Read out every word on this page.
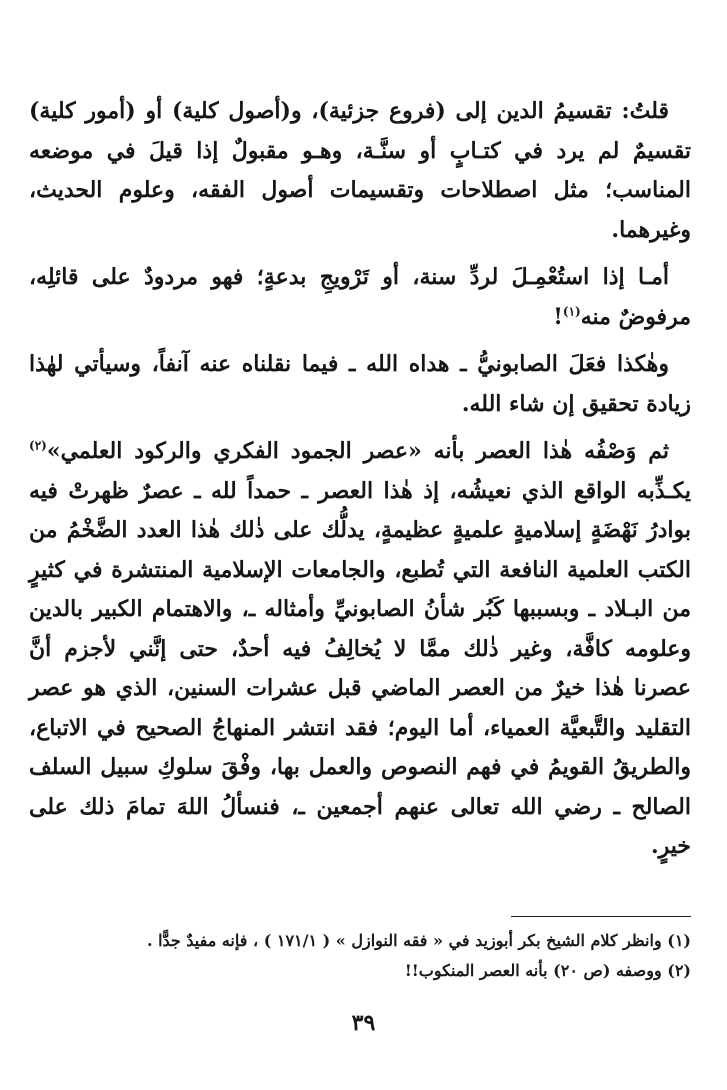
قلتُ: تقسيمُ الدين إلى (فروع جزئية)، و(أصول كلية) أو (أمور كلية) تقسيمٌ لم يرد في كتـابٍ أو سنَّـة، وهـو مقبولٌ إذا قيلَ في موضعه المناسب؛ مثل اصطلاحات وتقسيمات أصول الفقه، وعلوم الحديث، وغيرهما.

أمـا إذا استُعْمِـلَ لردِّ سنة، أو تَرْويجِ بدعةٍ؛ فهو مردودٌ على قائلِه، مرفوضٌ منه$^{(١)}$!

وهٰكذا فعَلَ الصابونيُّ ـ هداه الله ـ فيما نقلناه عنه آنفاً، وسيأتي لهٰذا زيادة تحقيق إن شاء الله.

ثم وَصْفُه هٰذا العصر بأنه «عصر الجمود الفكري والركود العلمي»$^{(٢)}$ يكـذِّبه الواقع الذي نعيشُه، إذ هٰذا العصر ـ حمداً لله ـ عصرٌ ظهرتْ فيه بوادرُ نَهْضَةٍ إسلاميةٍ علميةٍ عظيمةٍ، يدلُّك على ذٰلك هٰذا العدد الضَّخْمُ من الكتب العلمية النافعة التي تُطبع، والجامعات الإسلامية المنتشرة في كثيرٍ من البـلاد ـ وبسببها كَبُر شأنُ الصابونيِّ وأمثاله ـ، والاهتمام الكبير بالدين وعلومه كافَّة، وغير ذٰلك ممَّا لا يُخالِفُ فيه أحدٌ، حتى إنَّني لأجزم أنَّ عصرنا هٰذا خيرٌ من العصر الماضي قبل عشرات السنين، الذي هو عصر التقليد والتَّبعيَّة العمياء، أما اليوم؛ فقد انتشر المنهاجُ الصحيح في الاتباع، والطريقُ القويمُ في فهم النصوص والعمل بها، وفْقَ سلوكِ سبيل السلف الصالح ـ رضي الله تعالى عنهم أجمعين ـ، فنسألُ اللهَ تمامَ ذلك على خيرٍ.

(١) وانظر كلام الشيخ بكر أبوزيد في « فقه النوازل » ( ١٧١/١ ) ، فإنه مفيدٌ جدًّا .

(٢) ووصفه (ص ٢٠) بأنه العصر المنكوب!!

٣٩
